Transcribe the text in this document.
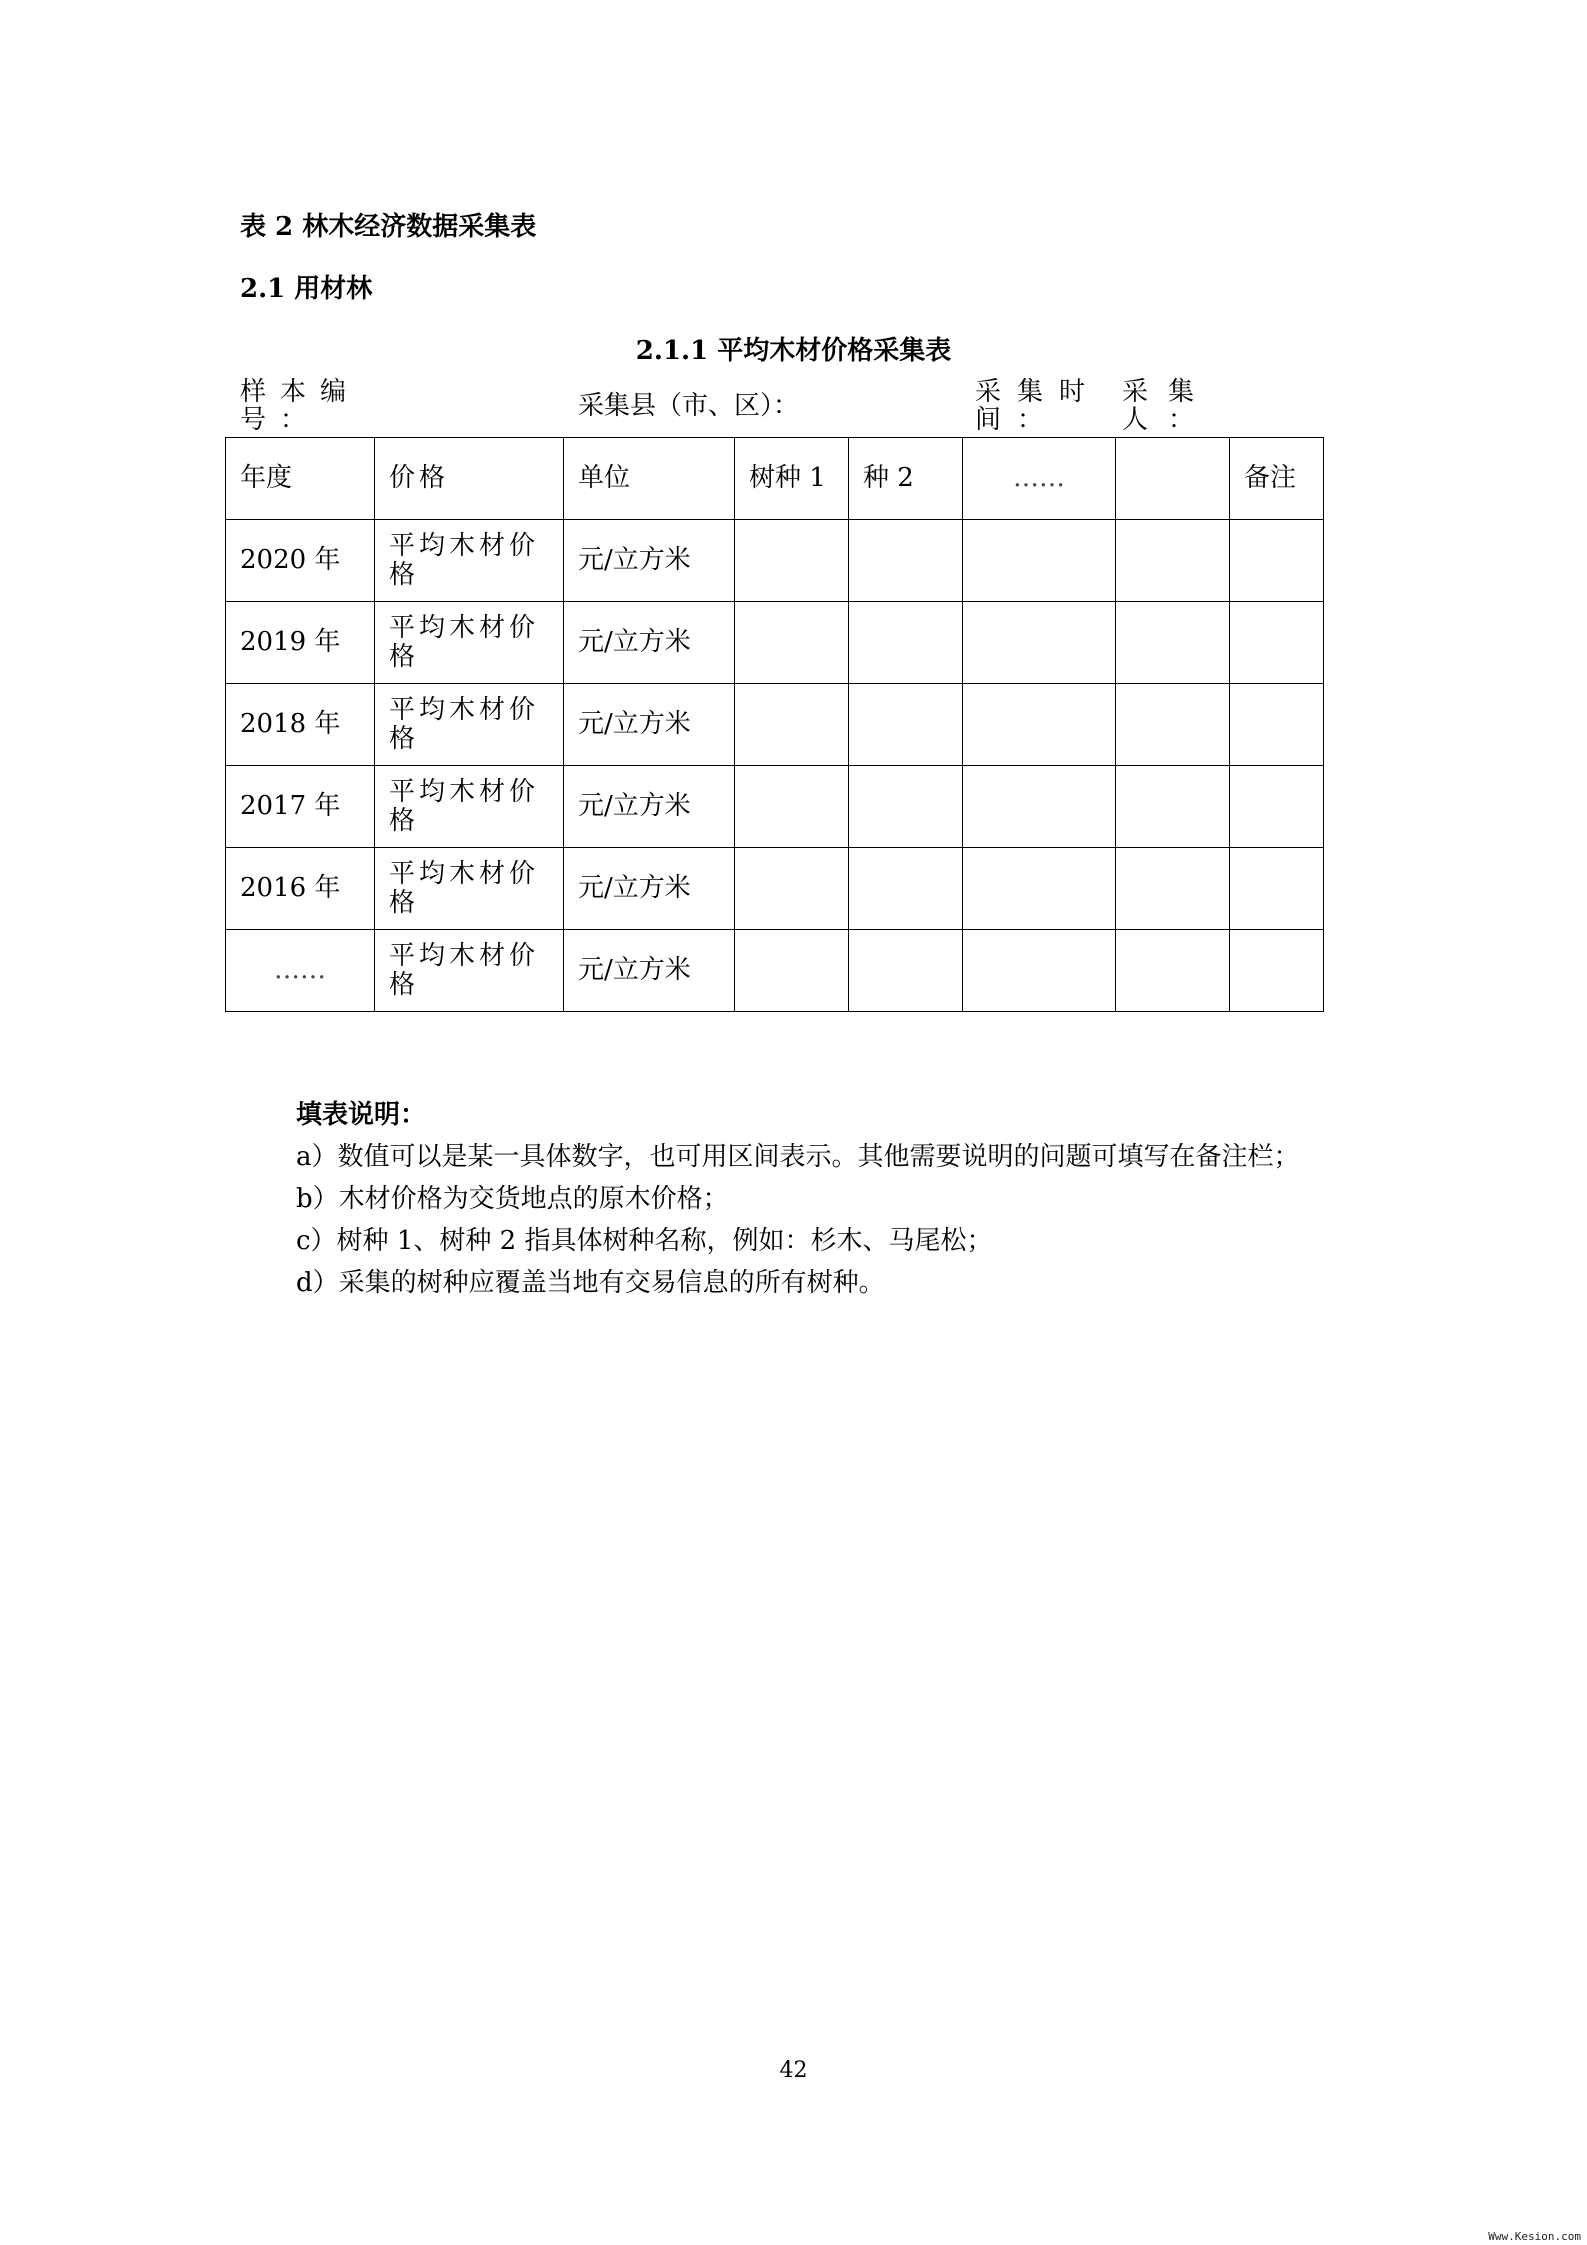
表 2 林木经济数据采集表
2.1 用材林
2.1.1 平均木材价格采集表
样本编号：	采集县（市、区）：	采集时间：
采集人：
年度	价格	单位	树种 1	种 2	……		备注
2020 年	平均木材价格	元/立方米					
2019 年	平均木材价格	元/立方米					
2018 年	平均木材价格	元/立方米					
2017 年	平均木材价格	元/立方米					
2016 年	平均木材价格	元/立方米					
……	平均木材价格	元/立方米					
填表说明：
a）数值可以是某一具体数字，也可用区间表示。其他需要说明的问题可填写在备注栏；
b）木材价格为交货地点的原木价格；
c）树种 1、树种 2 指具体树种名称，例如：杉木、马尾松；
d）采集的树种应覆盖当地有交易信息的所有树种。
42
Www.Kesion.com
